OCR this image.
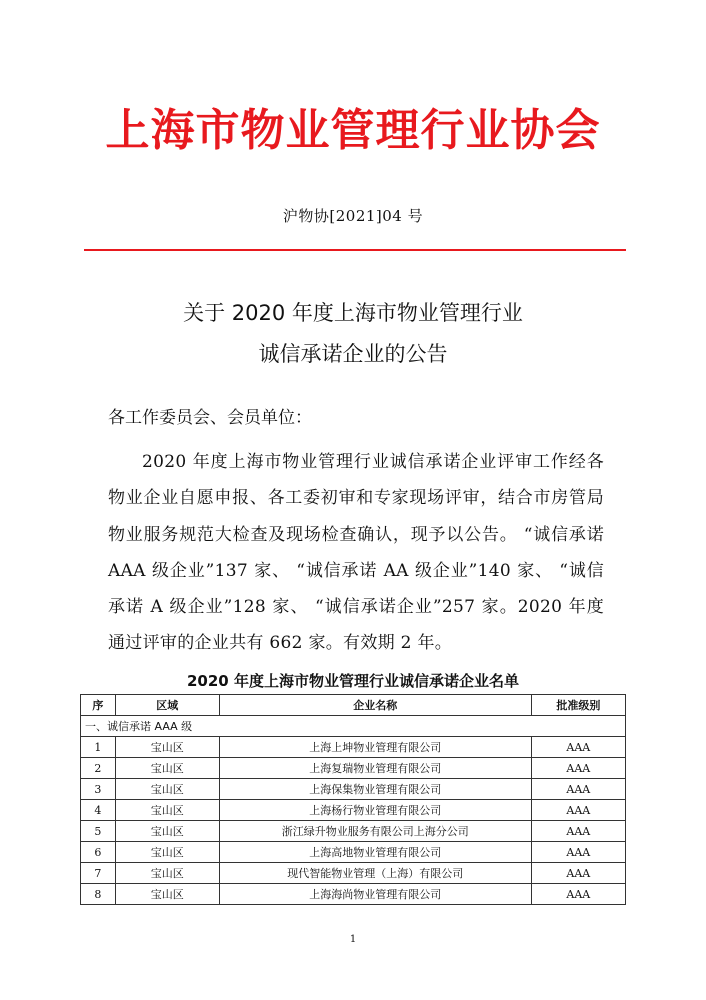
上海市物业管理行业协会
沪物协[2021]04 号
关于 2020 年度上海市物业管理行业
诚信承诺企业的公告
各工作委员会、会员单位：
2020 年度上海市物业管理行业诚信承诺企业评审工作经各物业企业自愿申报、各工委初审和专家现场评审，结合市房管局物业服务规范大检查及现场检查确认，现予以公告。 “诚信承诺 AAA 级企业”137 家、 “诚信承诺 AA 级企业”140 家、 “诚信承诺 A 级企业”128 家、 “诚信承诺企业”257 家。2020 年度通过评审的企业共有 662 家。有效期 2 年。
2020 年度上海市物业管理行业诚信承诺企业名单
序	区域	企业名称	批准级别
一、诚信承诺 AAA 级			
1	宝山区	上海上坤物业管理有限公司	AAA
2	宝山区	上海复瑞物业管理有限公司	AAA
3	宝山区	上海保集物业管理有限公司	AAA
4	宝山区	上海杨行物业管理有限公司	AAA
5	宝山区	浙江绿升物业服务有限公司上海分公司	AAA
6	宝山区	上海高地物业管理有限公司	AAA
7	宝山区	现代智能物业管理（上海）有限公司	AAA
8	宝山区	上海海尚物业管理有限公司	AAA
1
